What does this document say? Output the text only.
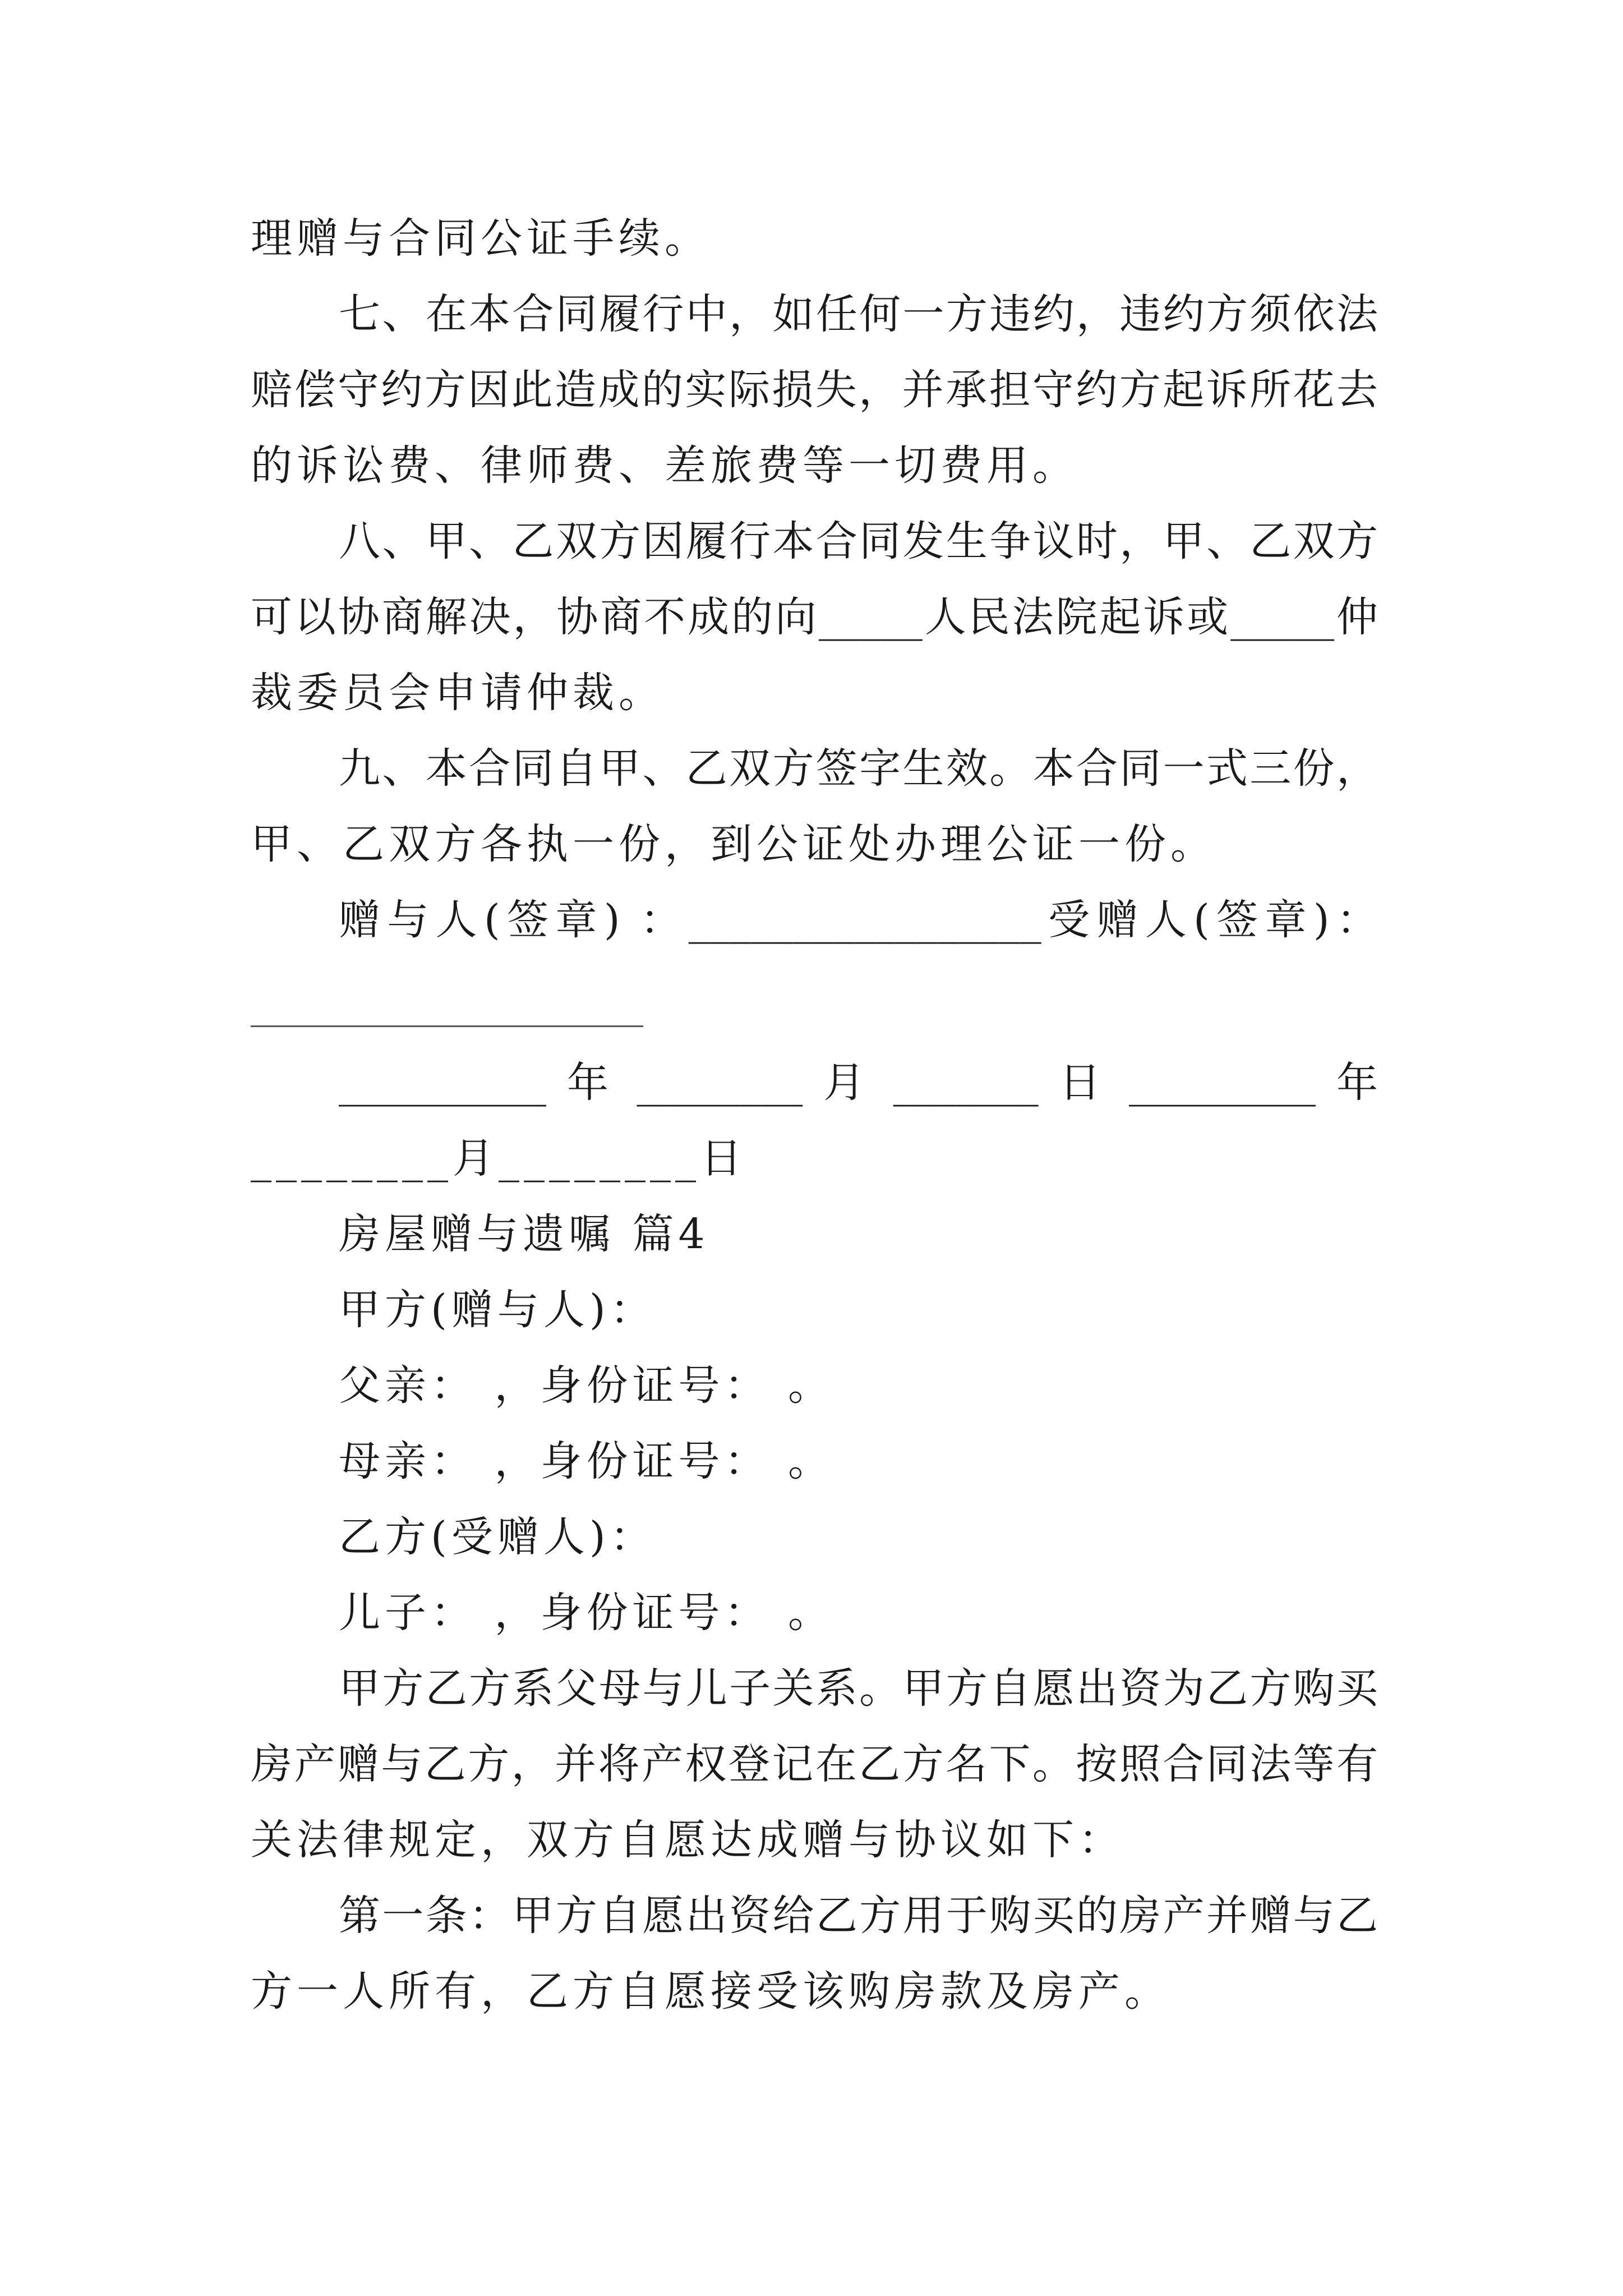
理赠与合同公证手续。
七、在本合同履行中，如任何一方违约，违约方须依法
赔偿守约方因此造成的实际损失，并承担守约方起诉所花去
的诉讼费、律师费、差旅费等一切费用。
八、甲、乙双方因履行本合同发生争议时，甲、乙双方
可以协商解决，协商不成的向_____人民法院起诉或_____仲
裁委员会申请仲裁。
九、本合同自甲、乙双方签字生效。本合同一式三份，
甲、乙双方各执一份，到公证处办理公证一份。
赠与人(签章) ：_________________受赠人(签章)：
__________ 年 ________ 月 _______ 日 _________ 年
________月________日
房屋赠与遗嘱 篇4
甲方(赠与人)：
父亲： ，身份证号： 。
母亲： ，身份证号： 。
乙方(受赠人)：
儿子： ，身份证号： 。
甲方乙方系父母与儿子关系。甲方自愿出资为乙方购买
房产赠与乙方，并将产权登记在乙方名下。按照合同法等有
关法律规定，双方自愿达成赠与协议如下：
第一条：甲方自愿出资给乙方用于购买的房产并赠与乙
方一人所有，乙方自愿接受该购房款及房产。
